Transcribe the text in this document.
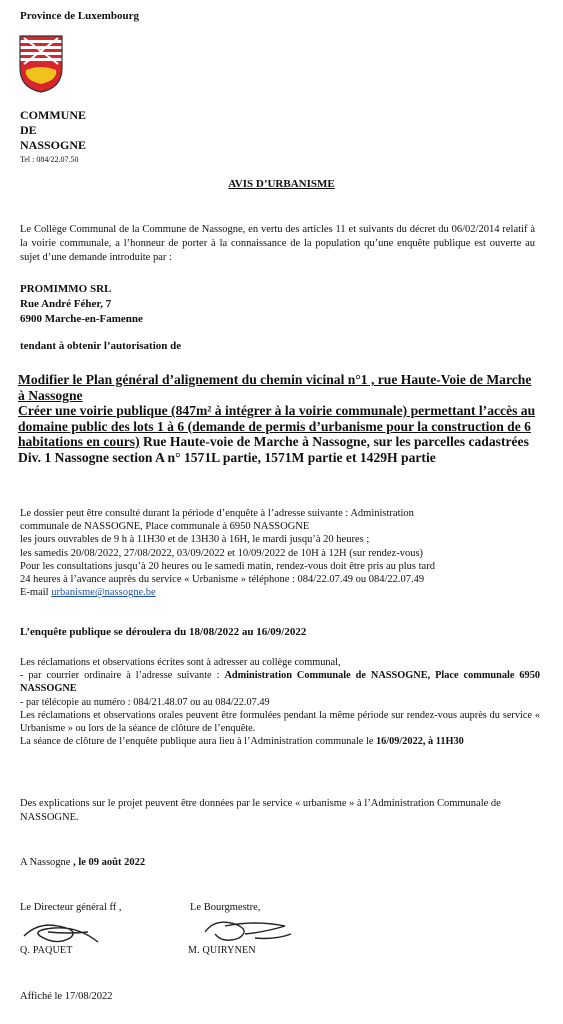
Province de Luxembourg
COMMUNE
DE
NASSOGNE
Tel : 084/22.07.50
AVIS D’URBANISME
Le Collège Communal de la Commune de Nassogne, en vertu des articles 11 et suivants du décret du 06/02/2014 relatif à la voirie communale, a l’honneur de porter à la connaissance de la population qu’une enquête publique est ouverte au sujet d’une demande introduite par :
PROMIMMO SRL
Rue André Féher, 7
6900 Marche-en-Famenne
tendant à obtenir l’autorisation de
Modifier le Plan général d’alignement du chemin vicinal n°1 , rue Haute-Voie de Marche à Nassogne
Créer une voirie publique (847m² à intégrer à la voirie communale) permettant l’accès au domaine public des lots 1 à 6 (demande de permis d’urbanisme pour la construction de 6 habitations en cours) Rue Haute-voie de Marche à Nassogne, sur les parcelles cadastrées Div. 1 Nassogne section A n° 1571L partie, 1571M partie et 1429H partie
Le dossier peut être consulté durant la période d’enquête à l’adresse suivante : Administration
communale de NASSOGNE, Place communale à 6950 NASSOGNE
les jours ouvrables de 9 h à 11H30 et de 13H30 à 16H, le mardi jusqu’à 20 heures ;
les samedis 20/08/2022, 27/08/2022, 03/09/2022 et 10/09/2022 de 10H à 12H (sur rendez-vous)
Pour les consultations jusqu’à 20 heures ou le samedi matin, rendez-vous doit être pris au plus tard
24 heures à l’avance auprès du service « Urbanisme » téléphone : 084/22.07.49 ou 084/22.07.49
E-mail urbanisme@nassogne.be
L’enquête publique se déroulera du 18/08/2022 au 16/09/2022
Les réclamations et observations écrites sont à adresser au collège communal,
- par courrier ordinaire à l’adresse suivante : Administration Communale de NASSOGNE, Place communale 6950 NASSOGNE
- par télécopie au numéro : 084/21.48.07 ou au 084/22.07.49
Les réclamations et observations orales peuvent être formulées pendant la même période sur rendez-vous auprès du service « Urbanisme » ou lors de la séance de clôture de l’enquête.
La séance de clôture de l’enquête publique aura lieu à l’Administration communale le 16/09/2022, à 11H30
Des explications sur le projet peuvent être données par le service « urbanisme » à l’Administration Communale de NASSOGNE.
A Nassogne , le 09 août 2022
Le Directeur général ff ,	Le Bourgmestre,
Q. PAQUET	M. QUIRYNEN
Affiché le 17/08/2022
